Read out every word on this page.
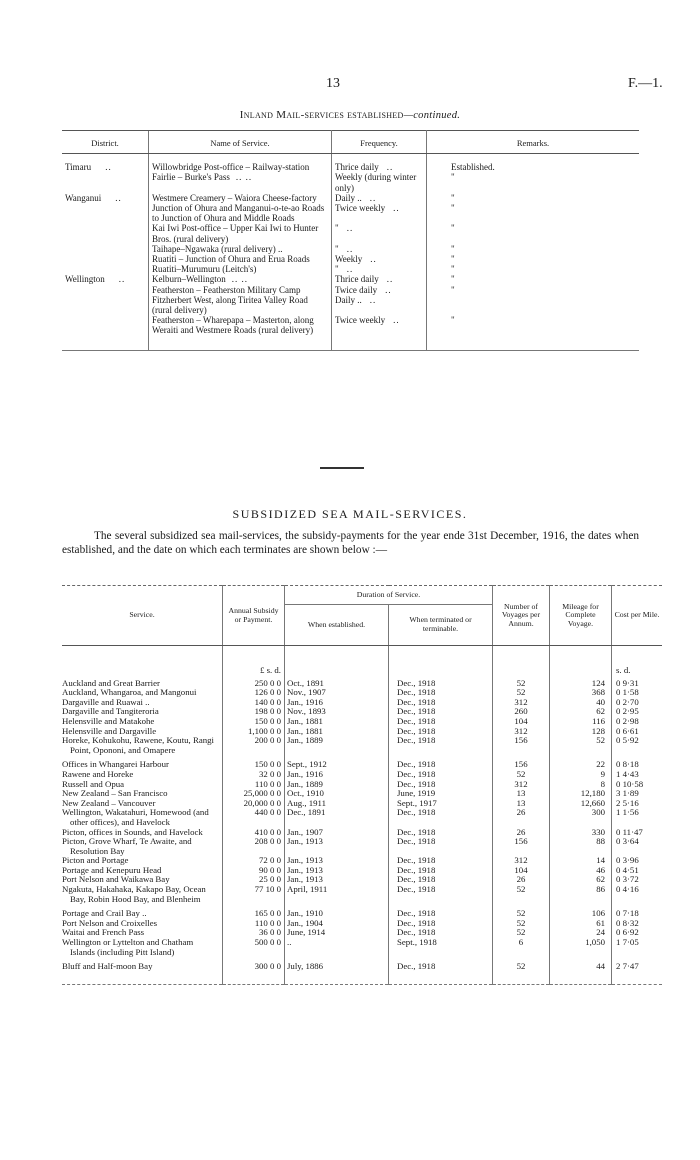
13	F.—1.
Inland Mail-services established—continued.
District.	Name of Service.	Frequency.	Remarks.
Timaru ..	Willowbridge Post-office – Railway-station	Thrice daily ..	Established.
	Fairlie – Burke's Pass .. ..	Weekly (during winter only)	"
Wanganui ..	Westmere Creamery – Waiora Cheese-factory	Daily .. ..	"
	Junction of Ohura and Manganui-o-te-ao Roads to Junction of Ohura and Middle Roads	Twice weekly ..	"
	Kai Iwi Post-office – Upper Kai Iwi to Hunter Bros. (rural delivery)	" ..	"
	Taihape–Ngawaka (rural delivery) ..	" ..	"
	Ruatiti – Junction of Ohura and Erua Roads	Weekly ..	"
	Ruatiti–Murumuru (Leitch's)	" ..	"
Wellington ..	Kelburn–Wellington .. ..	Thrice daily ..	"
	Featherston – Featherston Military Camp	Twice daily ..	"
	Fitzherbert West, along Tiritea Valley Road (rural delivery)	Daily .. ..	
	Featherston – Wharepapa – Masterton, along Weraiti and Westmere Roads (rural delivery)	Twice weekly ..	"
SUBSIDIZED SEA MAIL-SERVICES.
The several subsidized sea mail-services, the subsidy-payments for the year ende 31st December, 1916, the dates when established, and the date on which each terminates are shown below :—
Service.	Annual Subsidy or Payment.	Duration of Service.		Number of Voyages per Annum.	Mileage for Complete Voyage.	Cost per Mile.
		When established.	When terminated or terminable.			
	£ s. d.					s. d.

Auckland and Great Barrier	250 0 0	Oct., 1891	Dec., 1918	52	124	0 9·31

Auckland, Whangaroa, and Mangonui	126 0 0	Nov., 1907	Dec., 1918	52	368	0 1·58

Dargaville and Ruawai ..	140 0 0	Jan., 1916	Dec., 1918	312	40	0 2·70

Dargaville and Tangiteroria	198 0 0	Nov., 1893	Dec., 1918	260	62	0 2·95

Helensville and Matakohe	150 0 0	Jan., 1881	Dec., 1918	104	116	0 2·98

Helensville and Dargaville	1,100 0 0	Jan., 1881	Dec., 1918	312	128	0 6·61

Horeke, Kohukohu, Rawene, Koutu, Rangi Point, Opononi, and Omapere	200 0 0	Jan., 1889	Dec., 1918	156	52	0 5·92

Offices in Whangarei Harbour	150 0 0	Sept., 1912	Dec., 1918	156	22	0 8·18

Rawene and Horeke	32 0 0	Jan., 1916	Dec., 1918	52	9	1 4·43

Russell and Opua	110 0 0	Jan., 1889	Dec., 1918	312	8	0 10·58

New Zealand – San Francisco	25,000 0 0	Oct., 1910	June, 1919	13	12,180	3 1·89

New Zealand – Vancouver	20,000 0 0	Aug., 1911	Sept., 1917	13	12,660	2 5·16

Wellington, Wakatahuri, Homewood (and other offices), and Havelock	440 0 0	Dec., 1891	Dec., 1918	26	300	1 1·56

Picton, offices in Sounds, and Havelock	410 0 0	Jan., 1907	Dec., 1918	26	330	0 11·47

Picton, Grove Wharf, Te Awaite, and Resolution Bay	208 0 0	Jan., 1913	Dec., 1918	156	88	0 3·64

Picton and Portage	72 0 0	Jan., 1913	Dec., 1918	312	14	0 3·96

Portage and Kenepuru Head	90 0 0	Jan., 1913	Dec., 1918	104	46	0 4·51

Port Nelson and Waikawa Bay	25 0 0	Jan., 1913	Dec., 1918	26	62	0 3·72

Ngakuta, Hakahaka, Kakapo Bay, Ocean Bay, Robin Hood Bay, and Blenheim	77 10 0	April, 1911	Dec., 1918	52	86	0 4·16

Portage and Crail Bay ..	165 0 0	Jan., 1910	Dec., 1918	52	106	0 7·18

Port Nelson and Croixelles	110 0 0	Jan., 1904	Dec., 1918	52	61	0 8·32

Waitai and French Pass	36 0 0	June, 1914	Dec., 1918	52	24	0 6·92

Wellington or Lyttelton and Chatham Islands (including Pitt Island)	500 0 0	..	Sept., 1918	6	1,050	1 7·05

Bluff and Half-moon Bay	300 0 0	July, 1886	Dec., 1918	52	44	2 7·47
